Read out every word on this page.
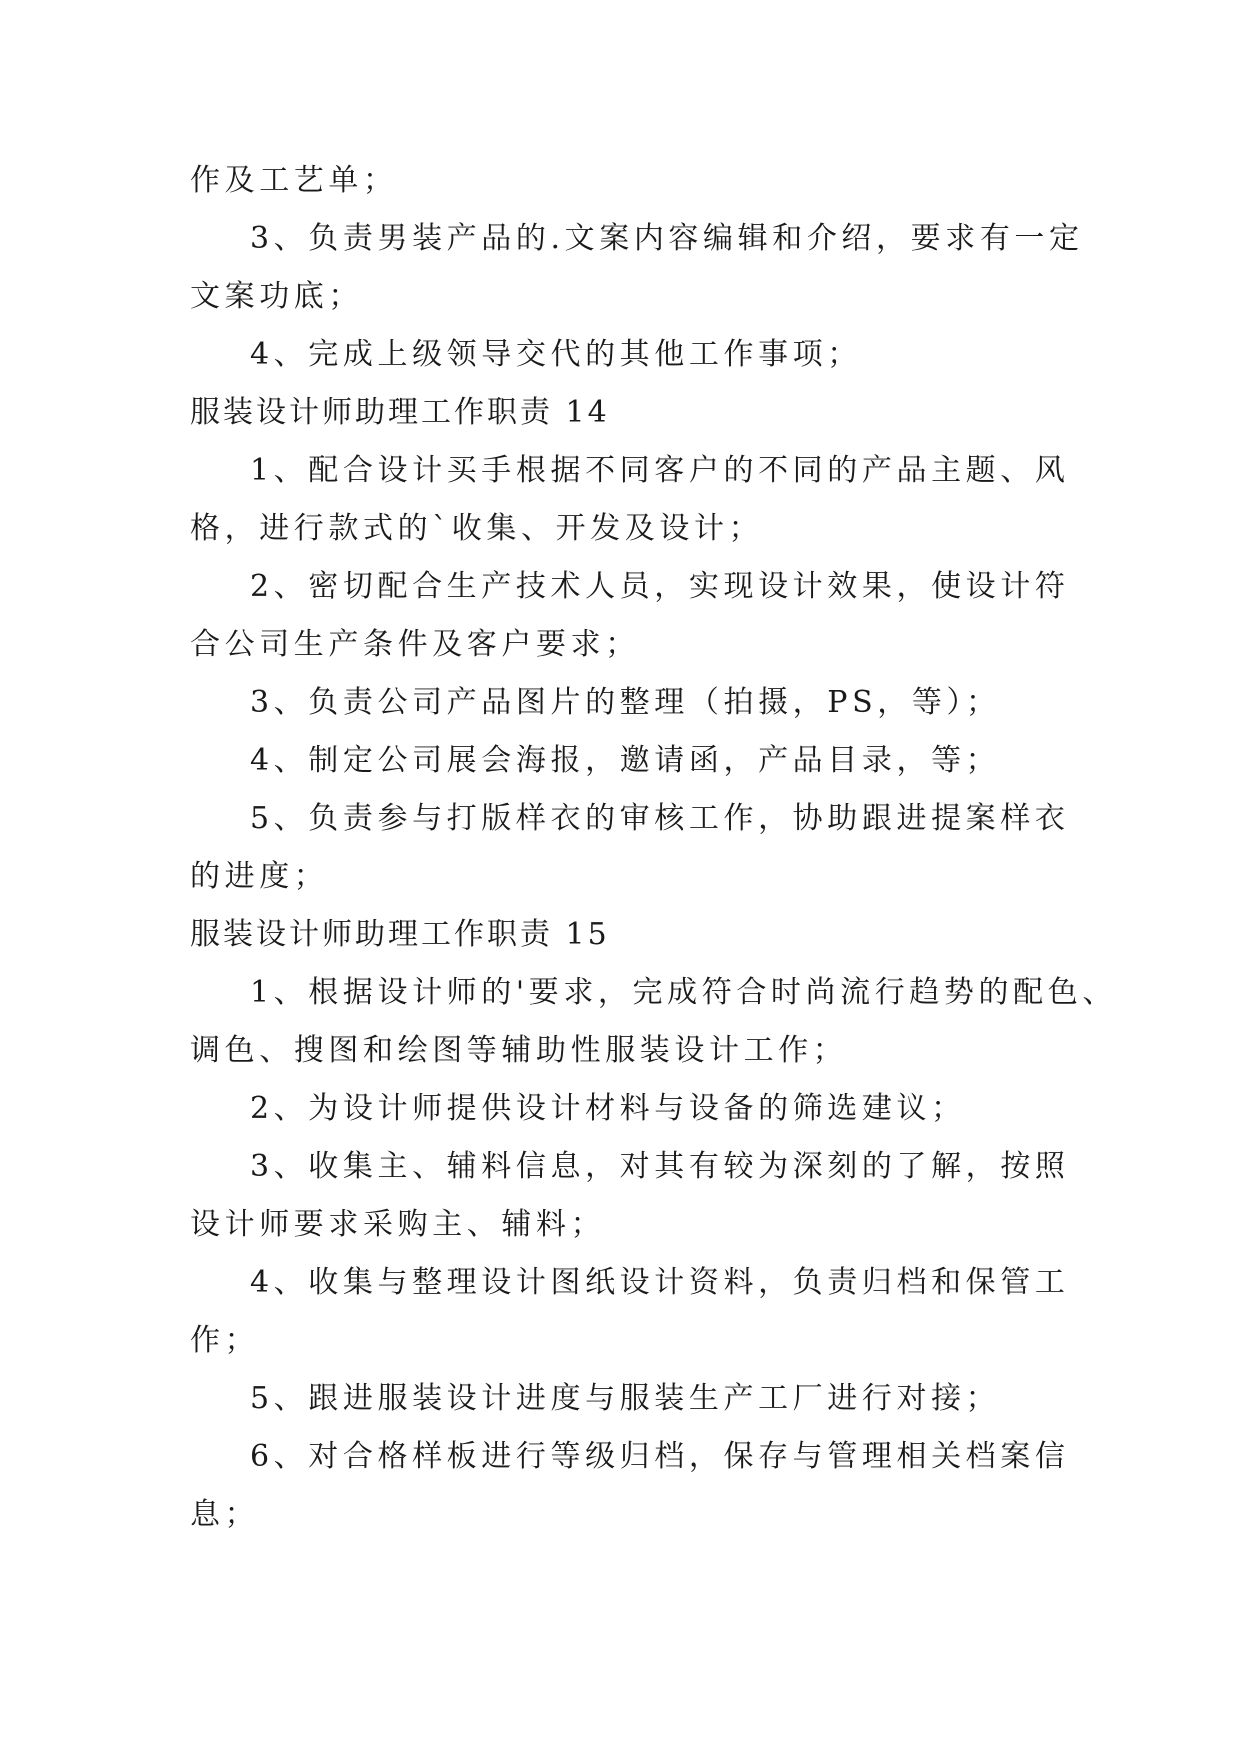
作及工艺单；

3、负责男装产品的.文案内容编辑和介绍，要求有一定

文案功底；

4、完成上级领导交代的其他工作事项；

服装设计师助理工作职责 14

1、配合设计买手根据不同客户的不同的产品主题、风

格，进行款式的`收集、开发及设计；

2、密切配合生产技术人员，实现设计效果，使设计符

合公司生产条件及客户要求；

3、负责公司产品图片的整理（拍摄，PS，等）；

4、制定公司展会海报，邀请函，产品目录，等；

5、负责参与打版样衣的审核工作，协助跟进提案样衣

的进度；

服装设计师助理工作职责 15

1、根据设计师的'要求，完成符合时尚流行趋势的配色、

调色、搜图和绘图等辅助性服装设计工作；

2、为设计师提供设计材料与设备的筛选建议；

3、收集主、辅料信息，对其有较为深刻的了解，按照

设计师要求采购主、辅料；

4、收集与整理设计图纸设计资料，负责归档和保管工

作；

5、跟进服装设计进度与服装生产工厂进行对接；

6、对合格样板进行等级归档，保存与管理相关档案信

息；
